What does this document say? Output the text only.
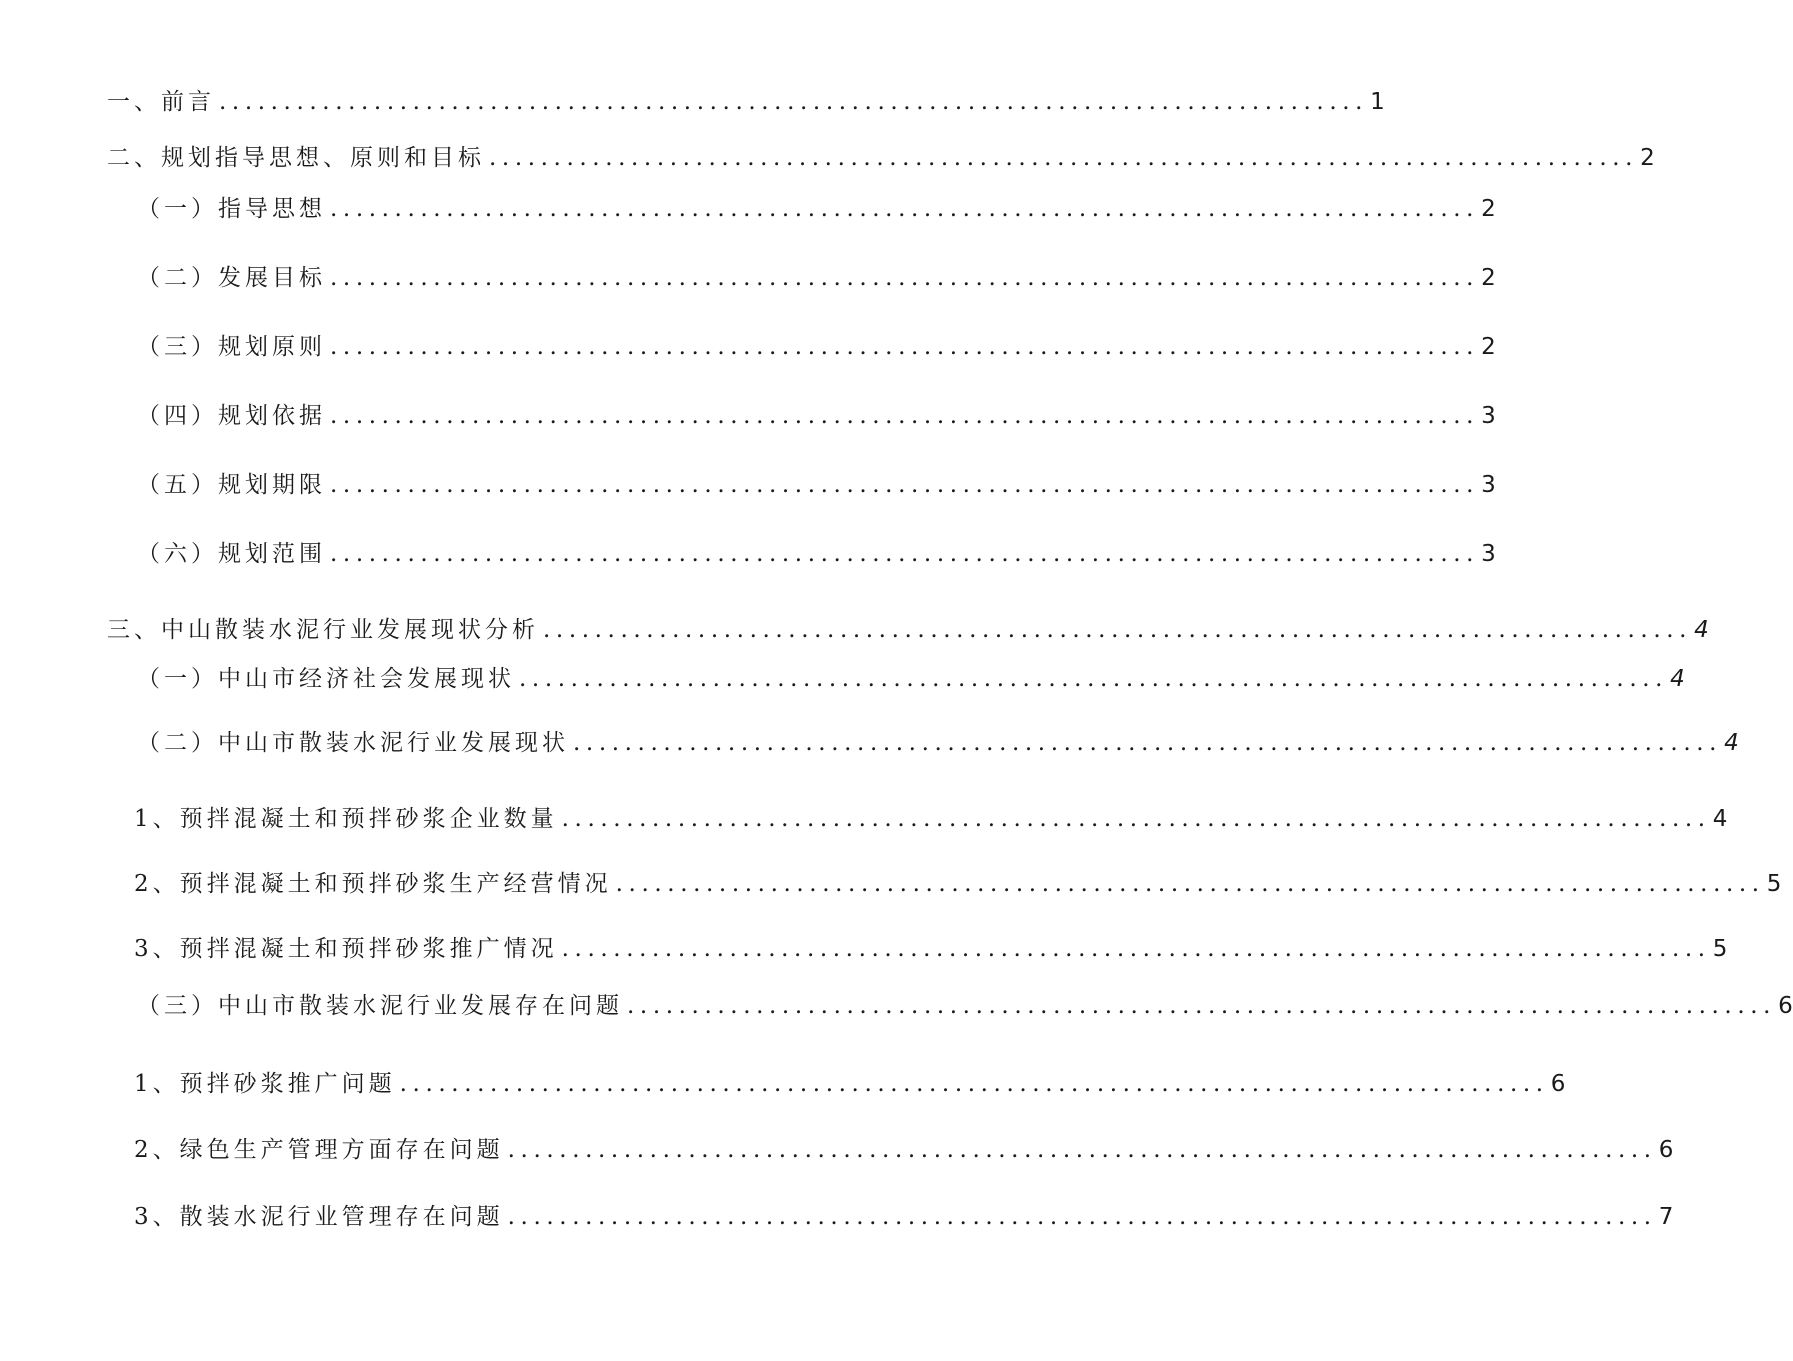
一、前言 ......................................................................................... 1
二、规划指导思想、原则和目标 ......................................................................................... 2
（一）指导思想 ......................................................................................... 2
（二）发展目标 ......................................................................................... 2
（三）规划原则 ......................................................................................... 2
（四）规划依据 ......................................................................................... 3
（五）规划期限 ......................................................................................... 3
（六）规划范围 ......................................................................................... 3
三、中山散装水泥行业发展现状分析 ......................................................................................... 4
（一）中山市经济社会发展现状 ......................................................................................... 4
（二）中山市散装水泥行业发展现状 ......................................................................................... 4
1、预拌混凝土和预拌砂浆企业数量 ......................................................................................... 4
2、预拌混凝土和预拌砂浆生产经营情况 ......................................................................................... 5
3、预拌混凝土和预拌砂浆推广情况 ......................................................................................... 5
（三）中山市散装水泥行业发展存在问题 ......................................................................................... 6
1、预拌砂浆推广问题 ......................................................................................... 6
2、绿色生产管理方面存在问题 ......................................................................................... 6
3、散装水泥行业管理存在问题 ......................................................................................... 7
